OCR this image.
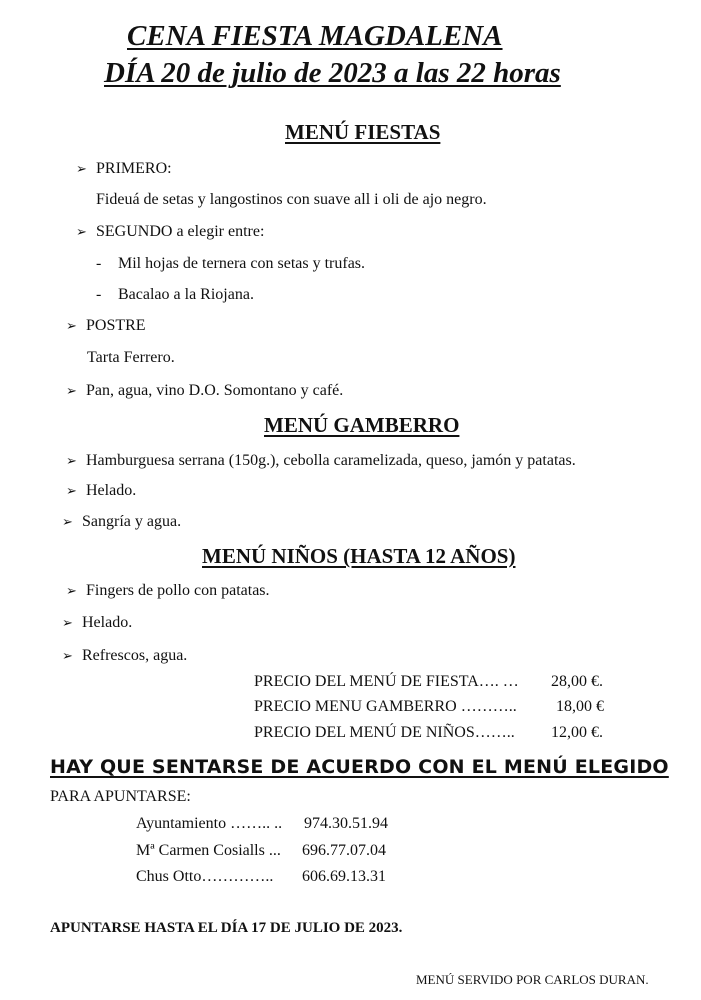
CENA FIESTA MAGDALENA
DÍA 20 de julio de 2023 a las 22 horas
MENÚ FIESTAS
➢ PRIMERO:
Fideuá de setas y langostinos con suave all i oli de ajo negro.
➢ SEGUNDO a elegir entre:
- Mil hojas de ternera con setas y trufas.
- Bacalao a la Riojana.
➢ POSTRE
Tarta Ferrero.
➢ Pan, agua, vino D.O. Somontano y café.
MENÚ GAMBERRO
➢ Hamburguesa serrana (150g.), cebolla caramelizada, queso, jamón y patatas.
➢ Helado.
➢ Sangría y agua.
MENÚ NIÑOS (HASTA 12 AÑOS)
➢ Fingers de pollo con patatas.
➢ Helado.
➢ Refrescos, agua.
PRECIO DEL MENÚ DE FIESTA…. … 28,00 €.
PRECIO MENU GAMBERRO ……….. 18,00 €
PRECIO DEL MENÚ DE NIÑOS…….. 12,00 €.
HAY QUE SENTARSE DE ACUERDO CON EL MENÚ ELEGIDO
PARA APUNTARSE:
Ayuntamiento …….. .. 974.30.51.94
Mª Carmen Cosialls ... 696.77.07.04
Chus Otto………….. 606.69.13.31
APUNTARSE HASTA EL DÍA 17 DE JULIO DE 2023.
MENÚ SERVIDO POR CARLOS DURAN.
